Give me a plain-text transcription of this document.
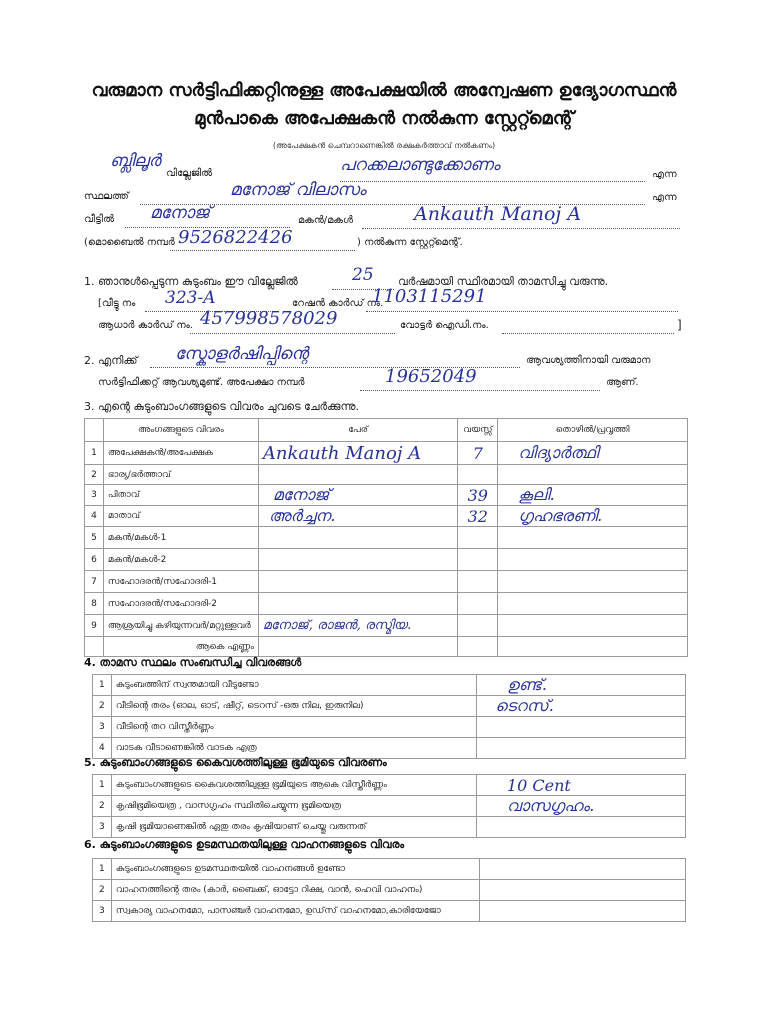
വരുമാന സർട്ടിഫിക്കറ്റിനുള്ള അപേക്ഷയിൽ അന്വേഷണ ഉദ്യോഗസ്ഥൻ
മുൻപാകെ അപേക്ഷകൻ നൽകുന്ന സ്റ്റേറ്റ്മെന്റ്
(അപേക്ഷകൻ ചെമ്പറാണെങ്കിൽ രക്ഷകർത്താവ് നൽകണം)
ബ്ലിലൂർ
വില്ലേജിൽ	പറക്കലാണ്ടുക്കോണം	എന്ന
സ്ഥലത്ത്	മനോജ് വിലാസം	എന്ന
വീട്ടിൽ മനോജ്	മകൻ/മകൾ	Ankauth Manoj A
(മൊബൈൽ നമ്പർ 9526822426	) നൽകുന്ന സ്റ്റേറ്റ്മെന്റ്.
1. ഞാനുൾപ്പെടുന്ന കുടുംബം ഈ വില്ലേജിൽ	25 വർഷമായി സ്ഥിരമായി താമസിച്ചു വരുന്നു.
[വീട്ടു നം 323-A	റേഷൻ കാർഡ് നം.
1103115291
ആധാർ കാർഡ് നം. 457998578029	വോട്ടർ ഐഡി.നം.	]
2. എനിക്ക് സ്കോളർഷിപ്പിന്റെ	ആവശ്യത്തിനായി വരുമാന
സർട്ടിഫിക്കറ്റ് ആവശ്യമുണ്ട്. അപേക്ഷാ നമ്പർ	19652049	ആണ്.
3. എന്റെ കുടുംബാംഗങ്ങളുടെ വിവരം ചുവടെ ചേർക്കുന്നു.
	അംഗങ്ങളുടെ വിവരം	പേര്	വയസ്സ്	തൊഴിൽ/പ്രവൃത്തി
1	അപേക്ഷകൻ/അപേക്ഷക	Ankauth Manoj A	7	വിദ്യാർത്ഥി
2	ഭാര്യ/ഭർത്താവ്			
3	പിതാവ്	മനോജ്	39	കൂലി.
4	മാതാവ്	അർച്ചന.	32	ഗൃഹഭരണി.
5	മകൻ/മകൾ-1			
6	മകൻ/മകൾ-2			
7	സഹോദരൻ/സഹോദരി-1			
8	സഹോദരൻ/സഹോദരി-2			
9	ആശ്രയിച്ചു കഴിയുന്നവർ/മറ്റുള്ളവർ	മനോജ്, രാജൻ, രസ്മിയ.		
	ആകെ എണ്ണം			
4. താമസ സ്ഥലം സംബന്ധിച്ച വിവരങ്ങൾ
1	കുടുംബത്തിന് സ്വന്തമായി വീടുണ്ടോ	ഉണ്ട്.
2	വീടിന്റെ തരം (ഓല, ഓട്, ഷീറ്റ്, ടെറസ് -ഒരു നില, ഇരുനില)	ടെറസ്.
3	വീടിന്റെ തറ വിസ്തീർണ്ണം	
4	വാടക വീടാണെങ്കിൽ വാടക എത്ര	
5. കുടുംബാംഗങ്ങളുടെ കൈവശത്തിലുള്ള ഭൂമിയുടെ വിവരണം
1	കുടുംബാംഗങ്ങളുടെ കൈവശത്തിലുള്ള ഭൂമിയുടെ ആകെ വിസ്തീർണ്ണം	10 Cent
2	കൃഷിഭൂമിയെത്ര , വാസഗൃഹം സ്ഥിതിചെയ്യുന്ന ഭൂമിയെത്ര	വാസഗൃഹം.
3	കൃഷി ഭൂമിയാണെങ്കിൽ ഏതു തരം കൃഷിയാണ് ചെയ്തു വരുന്നത്	
6. കുടുംബാംഗങ്ങളുടെ ഉടമസ്ഥതയിലുള്ള വാഹനങ്ങളുടെ വിവരം
1	കുടുംബാംഗങ്ങളുടെ ഉടമസ്ഥതയിൽ വാഹനങ്ങൾ ഉണ്ടോ	
2	വാഹനത്തിന്റെ തരം (കാർ, ബൈക്ക്, ഓട്ടോ റിക്ഷ, വാൻ, ഹെവി വാഹനം)	
3	സ്വകാര്യ വാഹനമോ, പാസഞ്ചർ വാഹനമോ, ഉഡ്‌സ് വാഹനമോ,കാരിയേജോ	
